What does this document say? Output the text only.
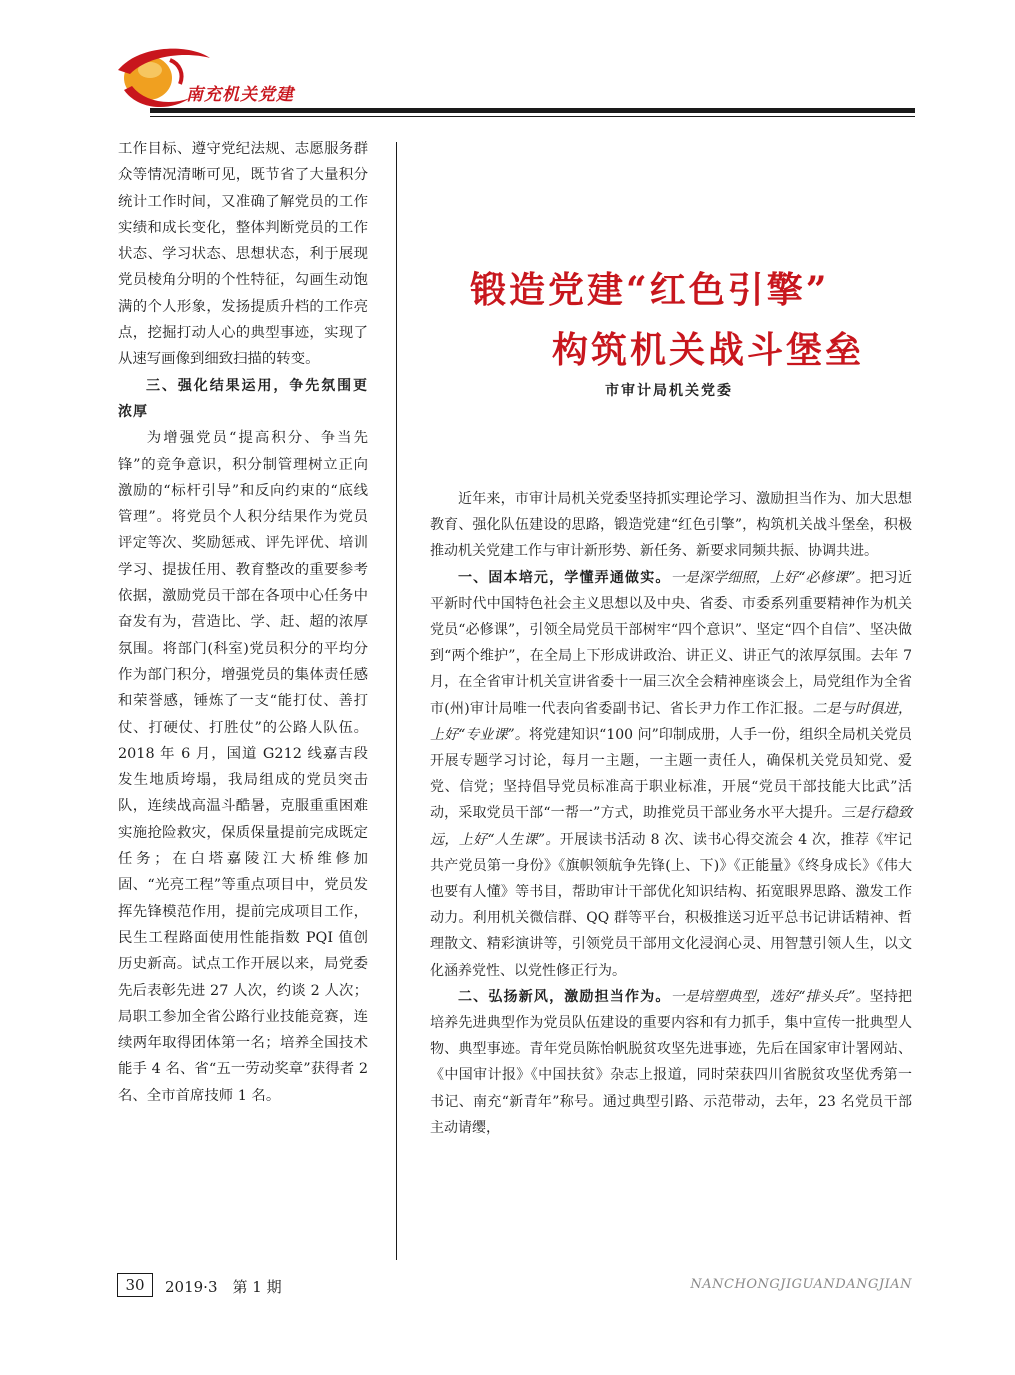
南充机关党建

工作目标、遵守党纪法规、志愿服务群众等情况清晰可见，既节省了大量积分统计工作时间，又准确了解党员的工作实绩和成长变化，整体判断党员的工作状态、学习状态、思想状态，利于展现党员棱角分明的个性特征，勾画生动饱满的个人形象，发扬提质升档的工作亮点，挖掘打动人心的典型事迹，实现了从速写画像到细致扫描的转变。

三、强化结果运用，争先氛围更浓厚

为增强党员“提高积分、争当先锋”的竞争意识，积分制管理树立正向激励的“标杆引导”和反向约束的“底线管理”。将党员个人积分结果作为党员评定等次、奖励惩戒、评先评优、培训学习、提拔任用、教育整改的重要参考依据，激励党员干部在各项中心任务中奋发有为，营造比、学、赶、超的浓厚氛围。将部门(科室)党员积分的平均分作为部门积分，增强党员的集体责任感和荣誉感，锤炼了一支“能打仗、善打仗、打硬仗、打胜仗”的公路人队伍。2018 年 6 月，国道 G212 线嘉吉段发生地质垮塌，我局组成的党员突击队，连续战高温斗酷暑，克服重重困难实施抢险救灾，保质保量提前完成既定任务；在白塔嘉陵江大桥维修加固、“光亮工程”等重点项目中，党员发挥先锋模范作用，提前完成项目工作，民生工程路面使用性能指数 PQI 值创历史新高。试点工作开展以来，局党委先后表彰先进 27 人次，约谈 2 人次；局职工参加全省公路行业技能竞赛，连续两年取得团体第一名；培养全国技术能手 4 名、省“五一劳动奖章”获得者 2 名、全市首席技师 1 名。

锻造党建“红色引擎”
构筑机关战斗堡垒
市审计局机关党委

近年来，市审计局机关党委坚持抓实理论学习、激励担当作为、加大思想教育、强化队伍建设的思路，锻造党建“红色引擎”，构筑机关战斗堡垒，积极推动机关党建工作与审计新形势、新任务、新要求同频共振、协调共进。

一、固本培元，学懂弄通做实。一是深学细照，上好“必修课”。把习近平新时代中国特色社会主义思想以及中央、省委、市委系列重要精神作为机关党员“必修课”，引领全局党员干部树牢“四个意识”、坚定“四个自信”、坚决做到“两个维护”，在全局上下形成讲政治、讲正义、讲正气的浓厚氛围。去年 7 月，在全省审计机关宣讲省委十一届三次全会精神座谈会上，局党组作为全省市(州)审计局唯一代表向省委副书记、省长尹力作工作汇报。二是与时俱进，上好“专业课”。将党建知识“100 问”印制成册，人手一份，组织全局机关党员开展专题学习讨论，每月一主题，一主题一责任人，确保机关党员知党、爱党、信党；坚持倡导党员标准高于职业标准，开展“党员干部技能大比武”活动，采取党员干部“一帮一”方式，助推党员干部业务水平大提升。三是行稳致远，上好“人生课”。开展读书活动 8 次、读书心得交流会 4 次，推荐《牢记共产党员第一身份》《旗帜领航争先锋(上、下)》《正能量》《终身成长》《伟大也要有人懂》等书目，帮助审计干部优化知识结构、拓宽眼界思路、激发工作动力。利用机关微信群、QQ 群等平台，积极推送习近平总书记讲话精神、哲理散文、精彩演讲等，引领党员干部用文化浸润心灵、用智慧引领人生，以文化涵养党性、以党性修正行为。

二、弘扬新风，激励担当作为。一是培塑典型，选好“排头兵”。坚持把培养先进典型作为党员队伍建设的重要内容和有力抓手，集中宣传一批典型人物、典型事迹。青年党员陈怡帆脱贫攻坚先进事迹，先后在国家审计署网站、《中国审计报》《中国扶贫》杂志上报道，同时荣获四川省脱贫攻坚优秀第一书记、南充“新青年”称号。通过典型引路、示范带动，去年，23 名党员干部主动请缨，

30	2019·3　第 1 期	NANCHONGJIGUANDANGJIAN
